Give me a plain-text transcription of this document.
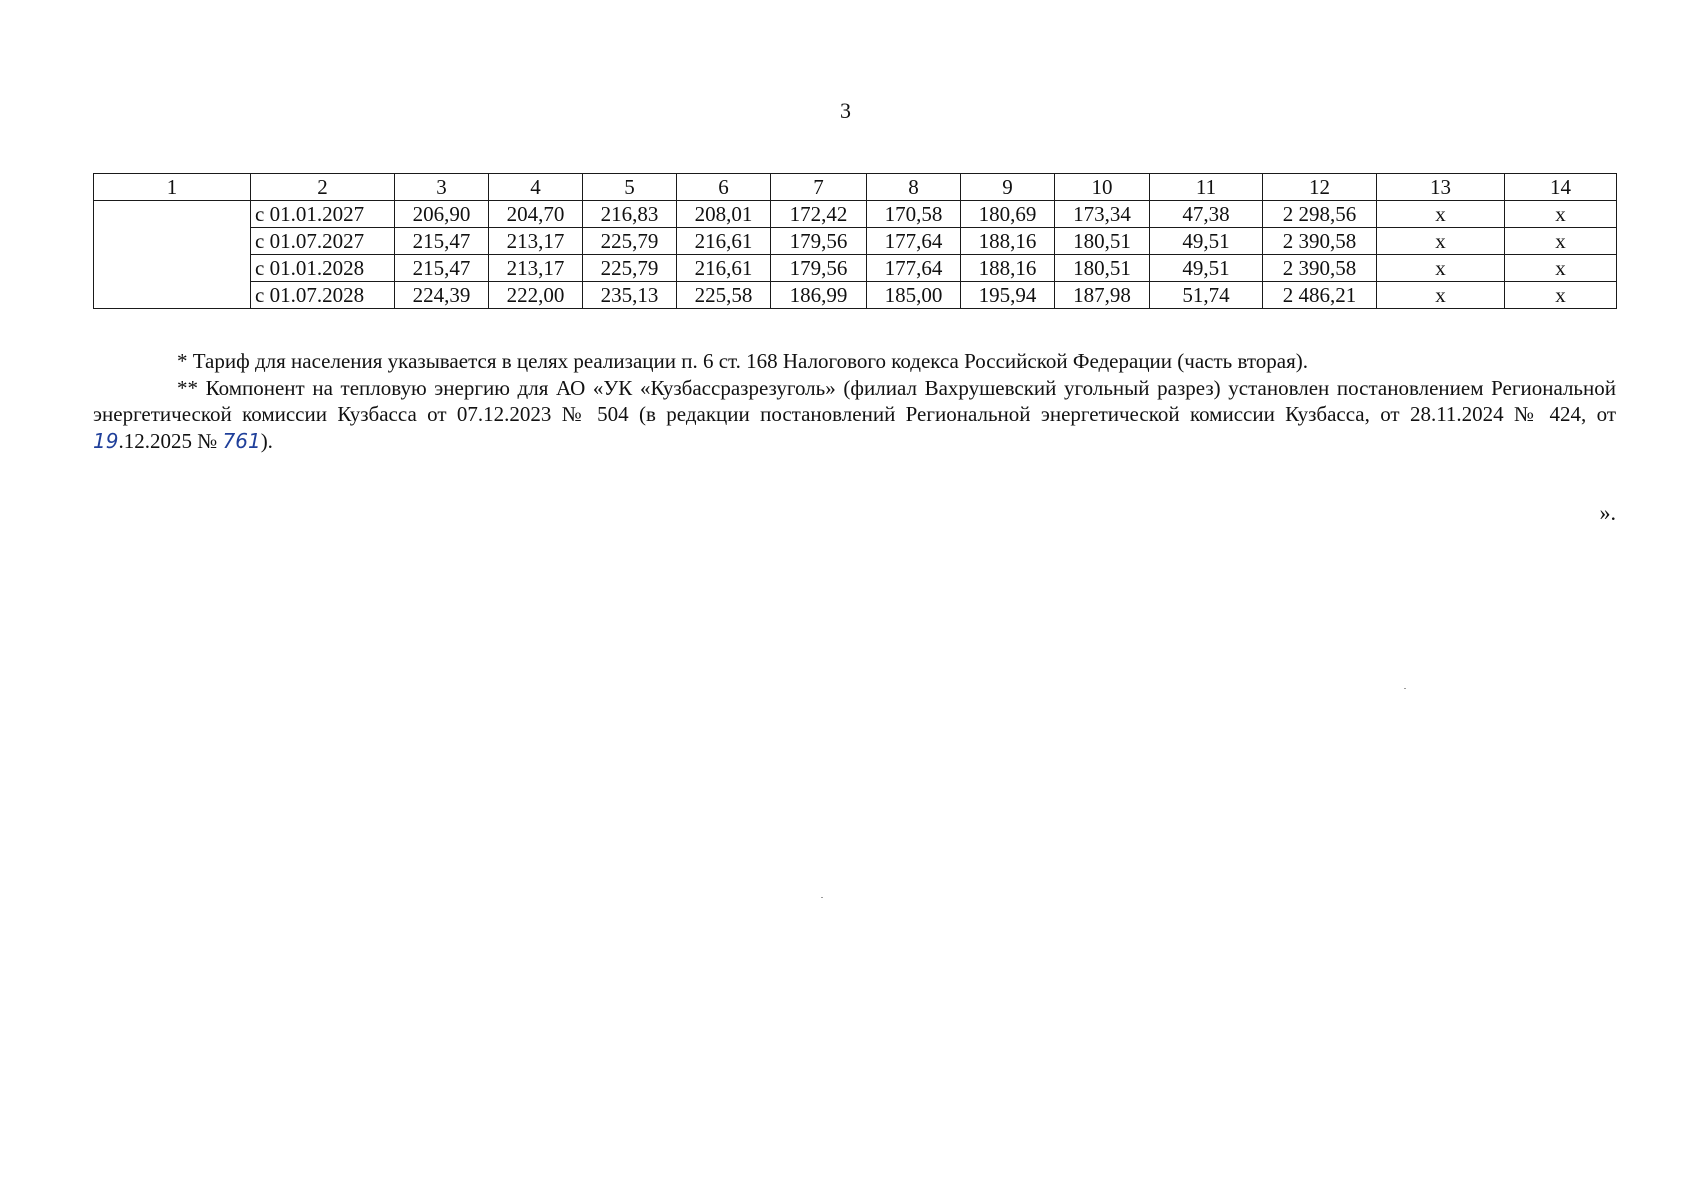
3
1	2	3	4	5	6	7	8	9	10	11	12	13	14
	с 01.01.2027	206,90	204,70	216,83	208,01	172,42	170,58	180,69	173,34	47,38	2 298,56	x	x
	с 01.07.2027	215,47	213,17	225,79	216,61	179,56	177,64	188,16	180,51	49,51	2 390,58	x	x
	с 01.01.2028	215,47	213,17	225,79	216,61	179,56	177,64	188,16	180,51	49,51	2 390,58	x	x
	с 01.07.2028	224,39	222,00	235,13	225,58	186,99	185,00	195,94	187,98	51,74	2 486,21	x	x

* Тариф для населения указывается в целях реализации п. 6 ст. 168 Налогового кодекса Российской Федерации (часть вторая).

** Компонент на тепловую энергию для АО «УК «Кузбассразрезуголь» (филиал Вахрушевский угольный разрез) установлен постановлением Региональной энергетической комиссии Кузбасса от 07.12.2023 № 504 (в редакции постановлений Региональной энергетической комиссии Кузбасса, от 28.11.2024 № 424, от 19.12.2025 № 761).

».
